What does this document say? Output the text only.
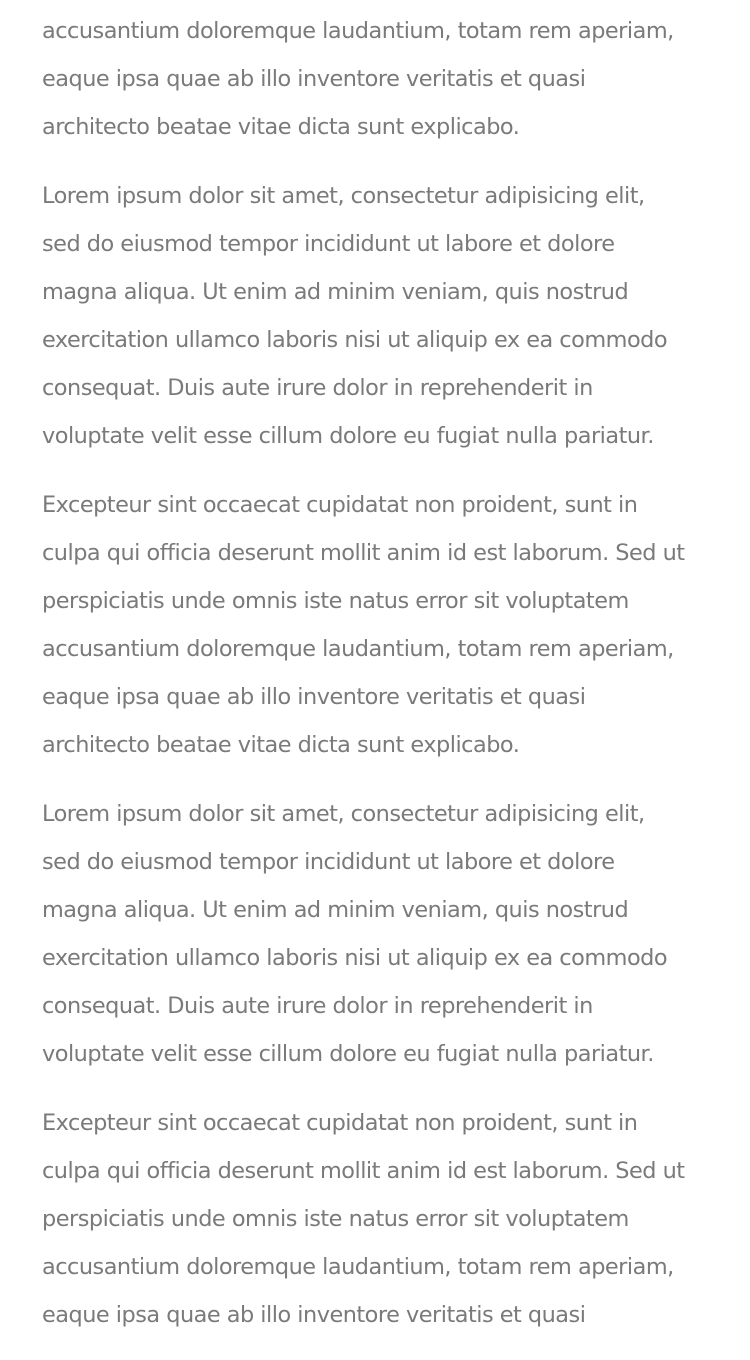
accusantium doloremque laudantium, totam rem aperiam,
eaque ipsa quae ab illo inventore veritatis et quasi
architecto beatae vitae dicta sunt explicabo.

Lorem ipsum dolor sit amet, consectetur adipisicing elit,
sed do eiusmod tempor incididunt ut labore et dolore
magna aliqua. Ut enim ad minim veniam, quis nostrud
exercitation ullamco laboris nisi ut aliquip ex ea commodo
consequat. Duis aute irure dolor in reprehenderit in
voluptate velit esse cillum dolore eu fugiat nulla pariatur.

Excepteur sint occaecat cupidatat non proident, sunt in
culpa qui officia deserunt mollit anim id est laborum. Sed ut
perspiciatis unde omnis iste natus error sit voluptatem
accusantium doloremque laudantium, totam rem aperiam,
eaque ipsa quae ab illo inventore veritatis et quasi
architecto beatae vitae dicta sunt explicabo.

Lorem ipsum dolor sit amet, consectetur adipisicing elit,
sed do eiusmod tempor incididunt ut labore et dolore
magna aliqua. Ut enim ad minim veniam, quis nostrud
exercitation ullamco laboris nisi ut aliquip ex ea commodo
consequat. Duis aute irure dolor in reprehenderit in
voluptate velit esse cillum dolore eu fugiat nulla pariatur.

Excepteur sint occaecat cupidatat non proident, sunt in
culpa qui officia deserunt mollit anim id est laborum. Sed ut
perspiciatis unde omnis iste natus error sit voluptatem
accusantium doloremque laudantium, totam rem aperiam,
eaque ipsa quae ab illo inventore veritatis et quasi
